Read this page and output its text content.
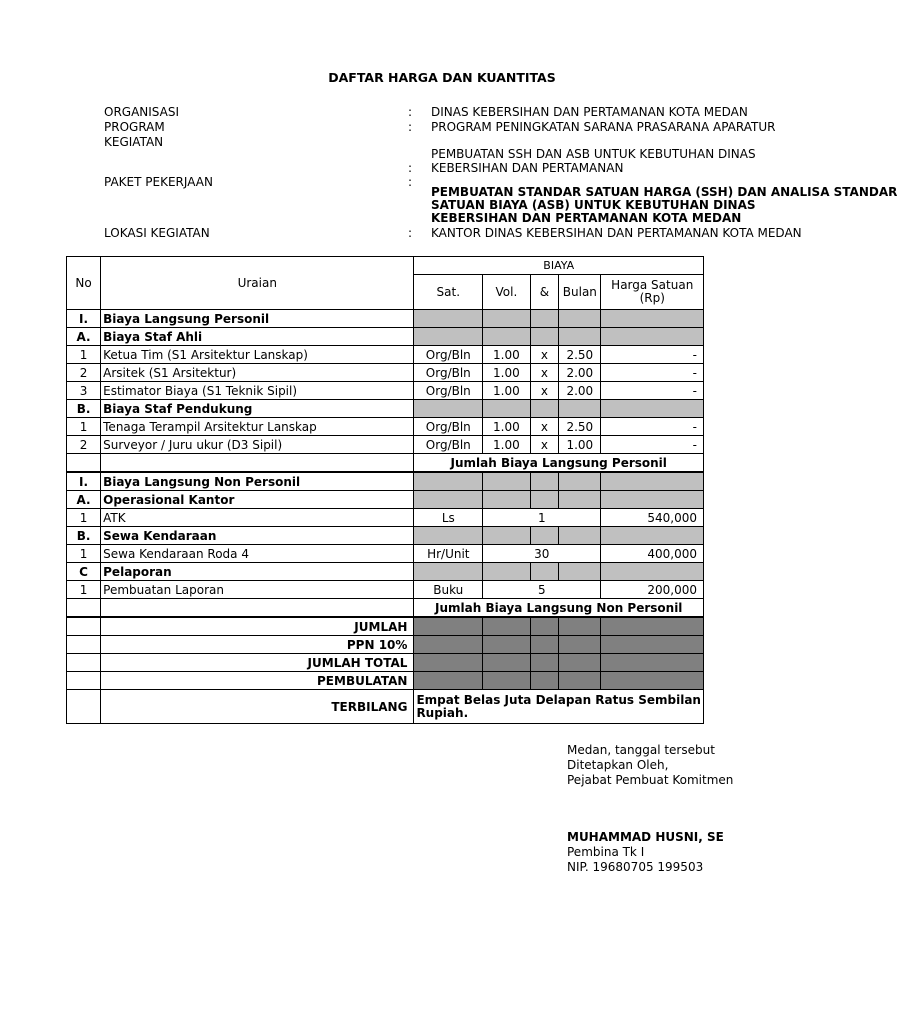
DAFTAR HARGA DAN KUANTITAS
ORGANISASI	: DINAS KEBERSIHAN DAN PERTAMANAN KOTA MEDAN
PROGRAM	: PROGRAM PENINGKATAN SARANA PRASARANA APARATUR
KEGIATAN
PEMBUATAN SSH DAN ASB UNTUK KEBUTUHAN DINAS
: KEBERSIHAN DAN PERTAMANAN
PAKET PEKERJAAN	:
PEMBUATAN STANDAR SATUAN HARGA (SSH) DAN ANALISA STANDAR
SATUAN BIAYA (ASB) UNTUK KEBUTUHAN DINAS
KEBERSIHAN DAN PERTAMANAN KOTA MEDAN
LOKASI KEGIATAN	: KANTOR DINAS KEBERSIHAN DAN PERTAMANAN KOTA MEDAN
No	Uraian	BIAYA				
		Sat.	Vol.	&	Bulan	Harga Satuan
(Rp)

I.	Biaya Langsung Personil					
A.	Biaya Staf Ahli					
1	Ketua Tim (S1 Arsitektur Lanskap)	Org/Bln	1.00	x	2.50	-
2	Arsitek (S1 Arsitektur)	Org/Bln	1.00	x	2.00	-
3	Estimator Biaya (S1 Teknik Sipil)	Org/Bln	1.00	x	2.00	-
B.	Biaya Staf Pendukung					
1	Tenaga Terampil Arsitektur Lanskap	Org/Bln	1.00	x	2.50	-
2	Surveyor / Juru ukur (D3 Sipil)	Org/Bln	1.00	x	1.00	-
		Jumlah Biaya Langsung Personil				
I.	Biaya Langsung Non Personil					
A.	Operasional Kantor					
1	ATK	Ls	1			540,000
B.	Sewa Kendaraan					
1	Sewa Kendaraan Roda 4	Hr/Unit	30			400,000
C	Pelaporan					
1	Pembuatan Laporan	Buku	5			200,000
		Jumlah Biaya Langsung Non Personil				
	JUMLAH					
	PPN 10%					
	JUMLAH TOTAL					
	PEMBULATAN					
	TERBILANG	Empat Belas Juta Delapan Ratus Sembilan
Rupiah.				
Medan, tanggal tersebut
Ditetapkan Oleh,
Pejabat Pembuat Komitmen
MUHAMMAD HUSNI, SE
Pembina Tk I
NIP. 19680705 199503
